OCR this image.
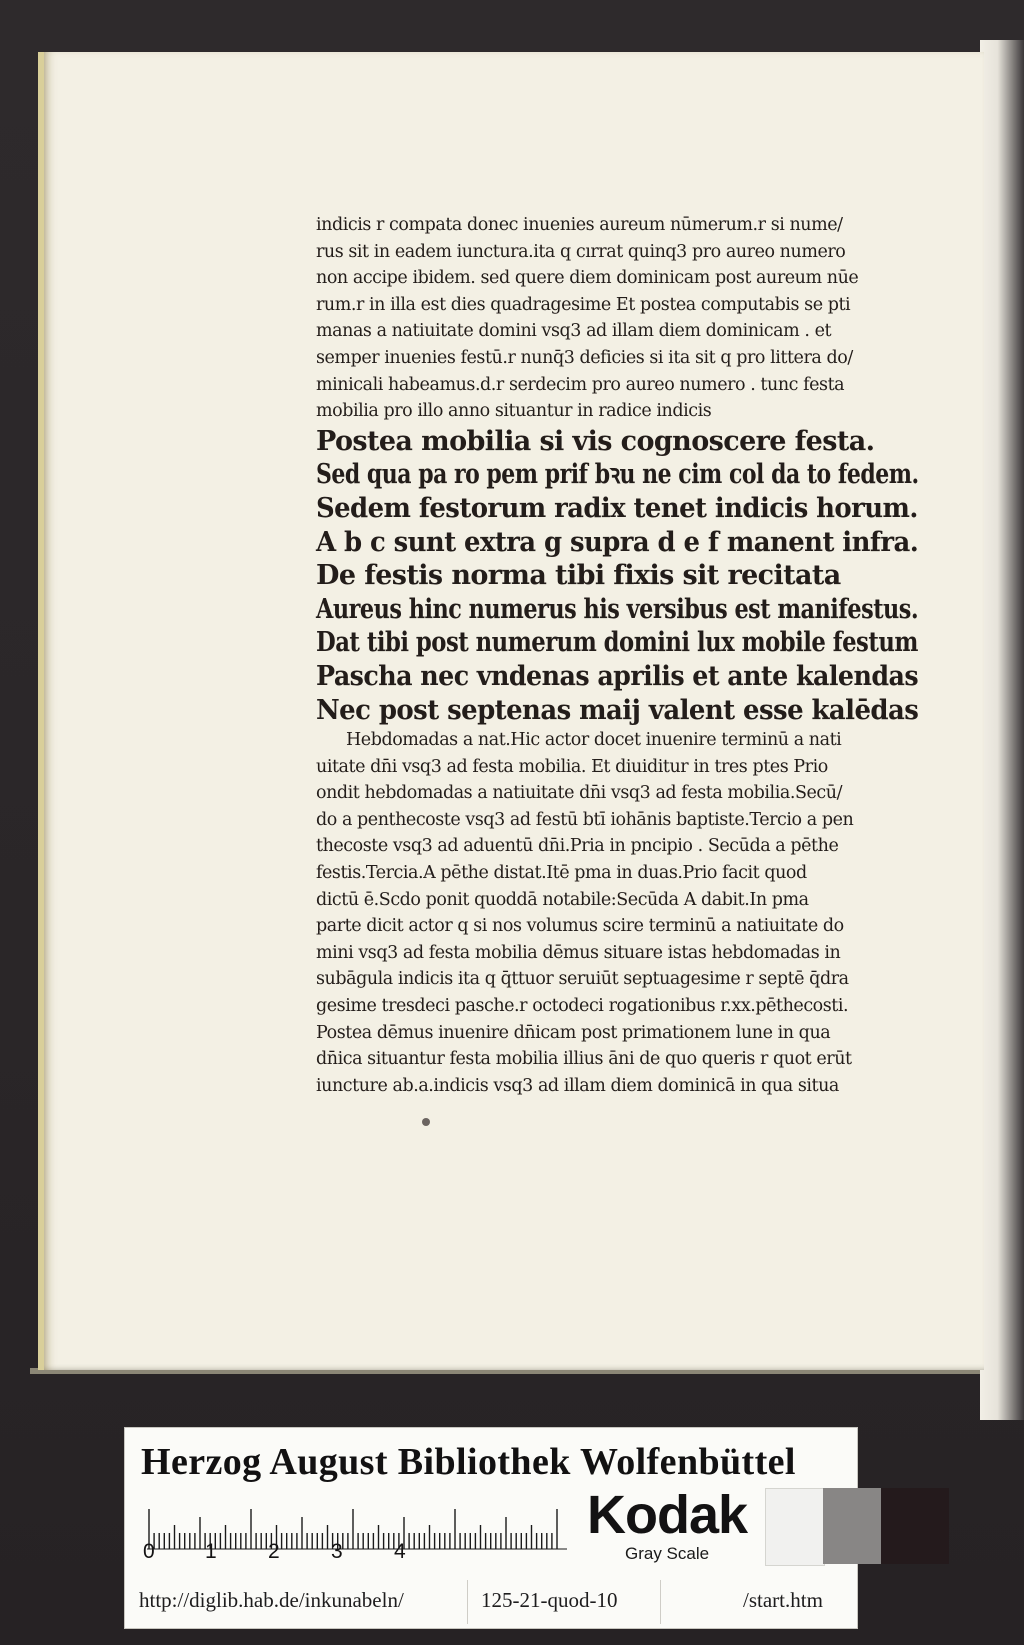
indicis r compata donec inuenies aureum nūmerum.r si nume/
rus sit in eadem iunctura.ita q cırrat quinq3 pro aureo numero
non accipe ibidem. sed quere diem dominicam post aureum nūe
rum.r in illa est dies quadragesime Et postea computabis se pti
manas a natiuitate domini vsq3 ad illam diem dominicam . et
semper inuenies festū.r nunq̄3 deficies si ita sit q pro littera do/
minicali habeamus.d.r serdecim pro aureo numero . tunc festa
mobilia pro illo anno situantur in radice indicis
Postea mobilia si vis cognoscere festa.
Sed qua pa ro pem prif bꝛu ne cim col da to fedem.
Sedem festorum radix tenet indicis horum.
A b c sunt extra g supra d e f manent infra.
De festis norma tibi fixis sit recitata
Aureus hinc numerus his versibus est manifestus.
Dat tibi post numerum domini lux mobile festum
Pascha nec vndenas aprilis et ante kalendas
Nec post septenas maij valent esse kalēdas
Hebdomadas a nat.Hic actor docet inuenire terminū a nati
uitate dn̄i vsq3 ad festa mobilia. Et diuiditur in tres ptes Prio
ondit hebdomadas a natiuitate dn̄i vsq3 ad festa mobilia.Secū/
do a penthecoste vsq3 ad festū btī iohānis baptiste.Tercio a pen
thecoste vsq3 ad aduentū dn̄i.Pria in pncipio . Secūda a pēthe
festis.Tercia.A pēthe distat.Itē pma in duas.Prio facit quod
dictū ē.Scdo ponit quoddā notabile:Secūda A dabit.In pma
parte dicit actor q si nos volumus scire terminū a natiuitate do
mini vsq3 ad festa mobilia dēmus situare istas hebdomadas in
subāgula indicis ita q q̄ttuor seruiūt septuagesime r septē q̄dra
gesime tresdeci pasche.r octodeci rogationibus r.xx.pēthecosti.
Postea dēmus inuenire dn̄icam post primationem lune in qua
dn̄ica situantur festa mobilia illius āni de quo queris r quot erūt
iuncture ab.a.indicis vsq3 ad illam diem dominicā in qua situa
Herzog August Bibliothek Wolfenbüttel
0 1 2 3 4
Kodak
Gray Scale
http://diglib.hab.de/inkunabeln/	125-21-quod-10	/start.htm
